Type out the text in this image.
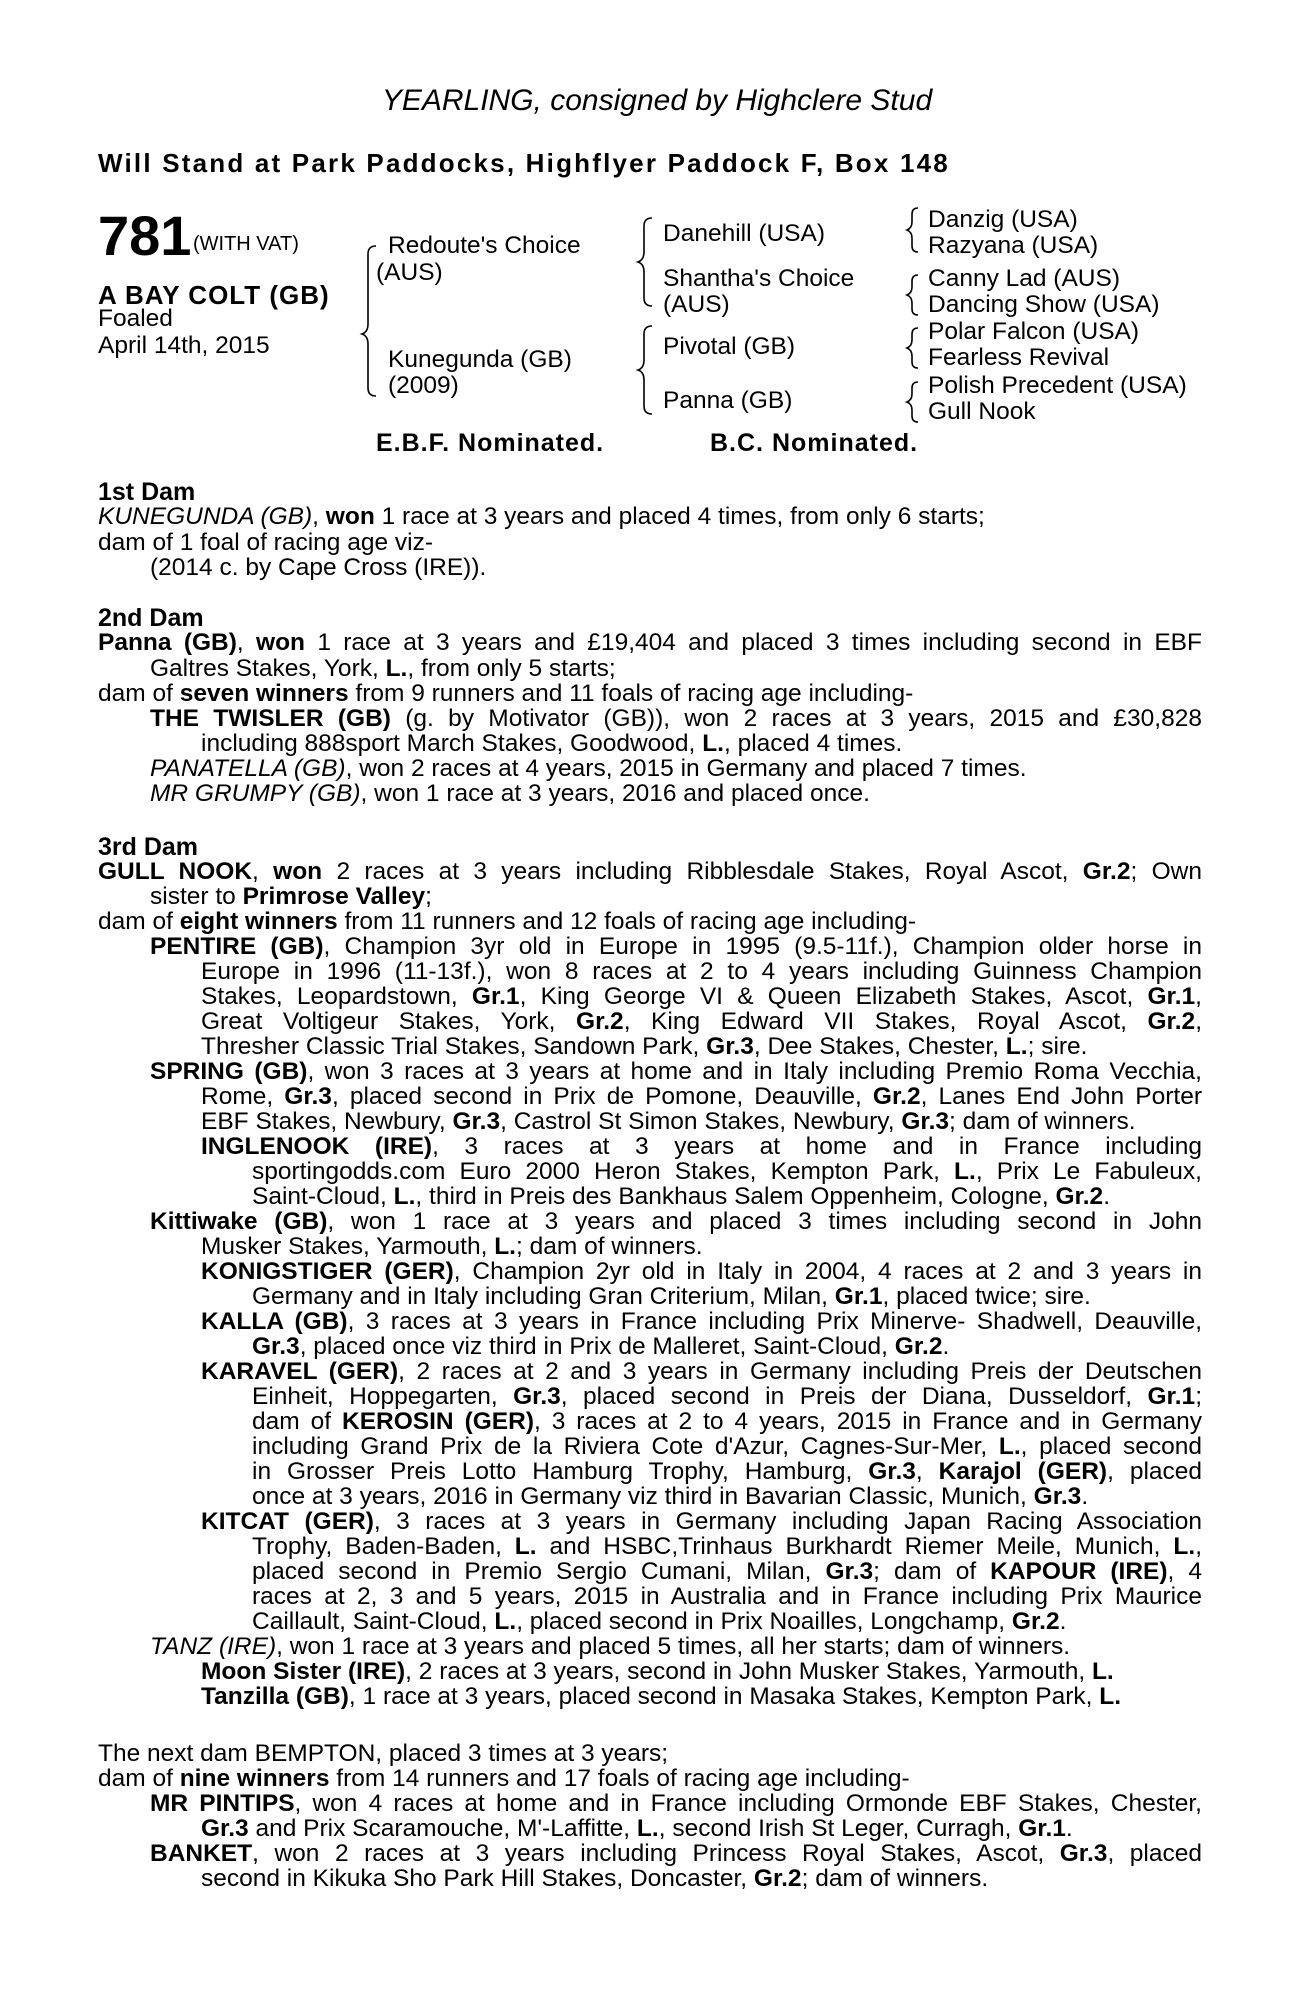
YEARLING, consigned by Highclere Stud
Will Stand at Park Paddocks, Highflyer Paddock F, Box 148
781 (WITH VAT)
A BAY COLT (GB)
Foaled
April 14th, 2015
Redoute's Choice
(AUS)
Kunegunda (GB)
(2009)
Danehill (USA)
Shantha's Choice
(AUS)
Pivotal (GB)
Panna (GB)
Danzig (USA)
Razyana (USA)
Canny Lad (AUS)
Dancing Show (USA)
Polar Falcon (USA)
Fearless Revival
Polish Precedent (USA)
Gull Nook
E.B.F. Nominated.	B.C. Nominated.
1st Dam
KUNEGUNDA (GB), won 1 race at 3 years and placed 4 times, from only 6 starts;
dam of 1 foal of racing age viz-
(2014 c. by Cape Cross (IRE)).
2nd Dam
Panna (GB), won 1 race at 3 years and £19,404 and placed 3 times including second in EBF
Galtres Stakes, York, L., from only 5 starts;
dam of seven winners from 9 runners and 11 foals of racing age including-
THE TWISLER (GB) (g. by Motivator (GB)), won 2 races at 3 years, 2015 and £30,828
including 888sport March Stakes, Goodwood, L., placed 4 times.
PANATELLA (GB), won 2 races at 4 years, 2015 in Germany and placed 7 times.
MR GRUMPY (GB), won 1 race at 3 years, 2016 and placed once.
3rd Dam
GULL NOOK, won 2 races at 3 years including Ribblesdale Stakes, Royal Ascot, Gr.2; Own
sister to Primrose Valley;
dam of eight winners from 11 runners and 12 foals of racing age including-
PENTIRE (GB), Champion 3yr old in Europe in 1995 (9.5-11f.), Champion older horse in
Europe in 1996 (11-13f.), won 8 races at 2 to 4 years including Guinness Champion
Stakes, Leopardstown, Gr.1, King George VI & Queen Elizabeth Stakes, Ascot, Gr.1,
Great Voltigeur Stakes, York, Gr.2, King Edward VII Stakes, Royal Ascot, Gr.2,
Thresher Classic Trial Stakes, Sandown Park, Gr.3, Dee Stakes, Chester, L.; sire.
SPRING (GB), won 3 races at 3 years at home and in Italy including Premio Roma Vecchia,
Rome, Gr.3, placed second in Prix de Pomone, Deauville, Gr.2, Lanes End John Porter
EBF Stakes, Newbury, Gr.3, Castrol St Simon Stakes, Newbury, Gr.3; dam of winners.
INGLENOOK (IRE), 3 races at 3 years at home and in France including
sportingodds.com Euro 2000 Heron Stakes, Kempton Park, L., Prix Le Fabuleux,
Saint-Cloud, L., third in Preis des Bankhaus Salem Oppenheim, Cologne, Gr.2.
Kittiwake (GB), won 1 race at 3 years and placed 3 times including second in John
Musker Stakes, Yarmouth, L.; dam of winners.
KONIGSTIGER (GER), Champion 2yr old in Italy in 2004, 4 races at 2 and 3 years in
Germany and in Italy including Gran Criterium, Milan, Gr.1, placed twice; sire.
KALLA (GB), 3 races at 3 years in France including Prix Minerve- Shadwell, Deauville,
Gr.3, placed once viz third in Prix de Malleret, Saint-Cloud, Gr.2.
KARAVEL (GER), 2 races at 2 and 3 years in Germany including Preis der Deutschen
Einheit, Hoppegarten, Gr.3, placed second in Preis der Diana, Dusseldorf, Gr.1;
dam of KEROSIN (GER), 3 races at 2 to 4 years, 2015 in France and in Germany
including Grand Prix de la Riviera Cote d'Azur, Cagnes-Sur-Mer, L., placed second
in Grosser Preis Lotto Hamburg Trophy, Hamburg, Gr.3, Karajol (GER), placed
once at 3 years, 2016 in Germany viz third in Bavarian Classic, Munich, Gr.3.
KITCAT (GER), 3 races at 3 years in Germany including Japan Racing Association
Trophy, Baden-Baden, L. and HSBC,Trinhaus Burkhardt Riemer Meile, Munich, L.,
placed second in Premio Sergio Cumani, Milan, Gr.3; dam of KAPOUR (IRE), 4
races at 2, 3 and 5 years, 2015 in Australia and in France including Prix Maurice
Caillault, Saint-Cloud, L., placed second in Prix Noailles, Longchamp, Gr.2.
TANZ (IRE), won 1 race at 3 years and placed 5 times, all her starts; dam of winners.
Moon Sister (IRE), 2 races at 3 years, second in John Musker Stakes, Yarmouth, L.
Tanzilla (GB), 1 race at 3 years, placed second in Masaka Stakes, Kempton Park, L.
The next dam BEMPTON, placed 3 times at 3 years;
dam of nine winners from 14 runners and 17 foals of racing age including-
MR PINTIPS, won 4 races at home and in France including Ormonde EBF Stakes, Chester,
Gr.3 and Prix Scaramouche, M'-Laffitte, L., second Irish St Leger, Curragh, Gr.1.
BANKET, won 2 races at 3 years including Princess Royal Stakes, Ascot, Gr.3, placed
second in Kikuka Sho Park Hill Stakes, Doncaster, Gr.2; dam of winners.
